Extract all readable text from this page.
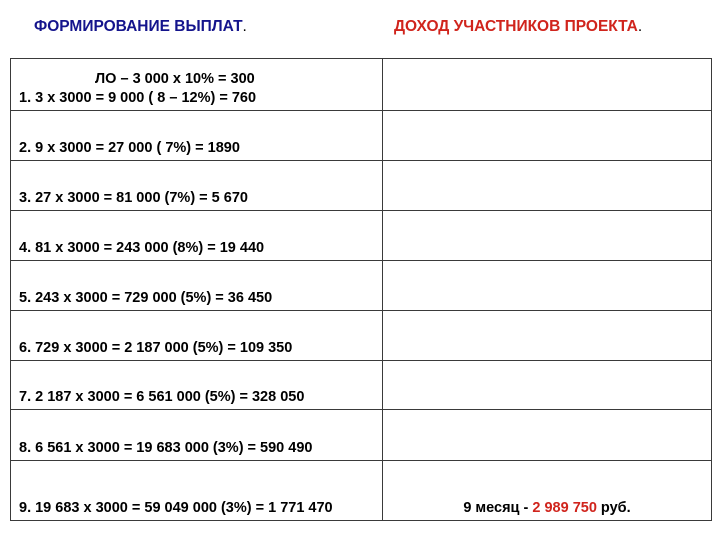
ФОРМИРОВАНИЕ ВЫПЛАТ.	ДОХОД УЧАСТНИКОВ ПРОЕКТА.
ЛО – 3 000 х 10% = 300
1. 3 х 3000 = 9 000 ( 8 – 12%) = 760	
2. 9 х 3000 = 27 000 ( 7%) = 1890	
3. 27 х 3000 = 81 000 (7%) = 5 670	
4. 81 х 3000 = 243 000 (8%) = 19 440	
5. 243 х 3000 = 729 000 (5%) = 36 450	
6. 729 х 3000 = 2 187 000 (5%) = 109 350	
7. 2 187 х 3000 = 6 561 000 (5%) = 328 050	
8. 6 561 х 3000 = 19 683 000 (3%) = 590 490	
9. 19 683 х 3000 = 59 049 000 (3%) = 1 771 470	9 месяц - 2 989 750 руб.
